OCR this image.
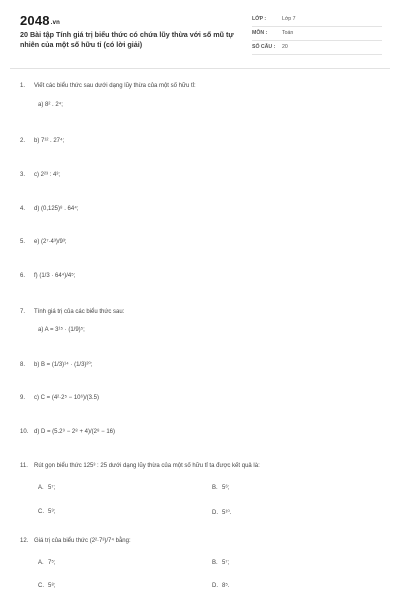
2048.vn
20 Bài tập Tính giá trị biểu thức có chứa lũy thừa với số mũ tự nhiên của một số hữu tỉ (có lời giải)
LỚP :	Lớp 7
MÔN :	Toán
SỐ CÂU : 20
1.	Viết các biểu thức sau dưới dạng lũy thừa của một số hữu tỉ:
a) 8² . 2⁴;
2.	b) 7¹² . 27⁴;
3.	c) 2²³ : 4³;
4.	d) (0,125)⁸ . 64⁴;
5.	e) (2⁷·4³)/9³;
6.	f) (1/3 · 64⁴)/4⁵;
7.	Tính giá trị của các biểu thức sau:
a) A = 3¹⁵ · (1/9)⁵;
8.	b) B = (1/3)¹⁴ · (1/3)²⁰;
9.	c) C = (4²·2⁵ − 10⁶)/(3.5)
10. d) D = (5.2⁹ − 2⁸ + 4)/(2⁸ − 16)
11.	Rút gọn biểu thức 125³ : 25 dưới dạng lũy thừa của một số hữu tỉ ta được kết quả là:
A. 5⁷;	B. 5⁶;
C. 5⁹;	D. 5¹⁰.
12. Giá trị của biểu thức (2²·7³)/7⁴ bằng:
A. 7⁵;	B. 5⁷;
C. 5⁸;	D. 8⁵.
